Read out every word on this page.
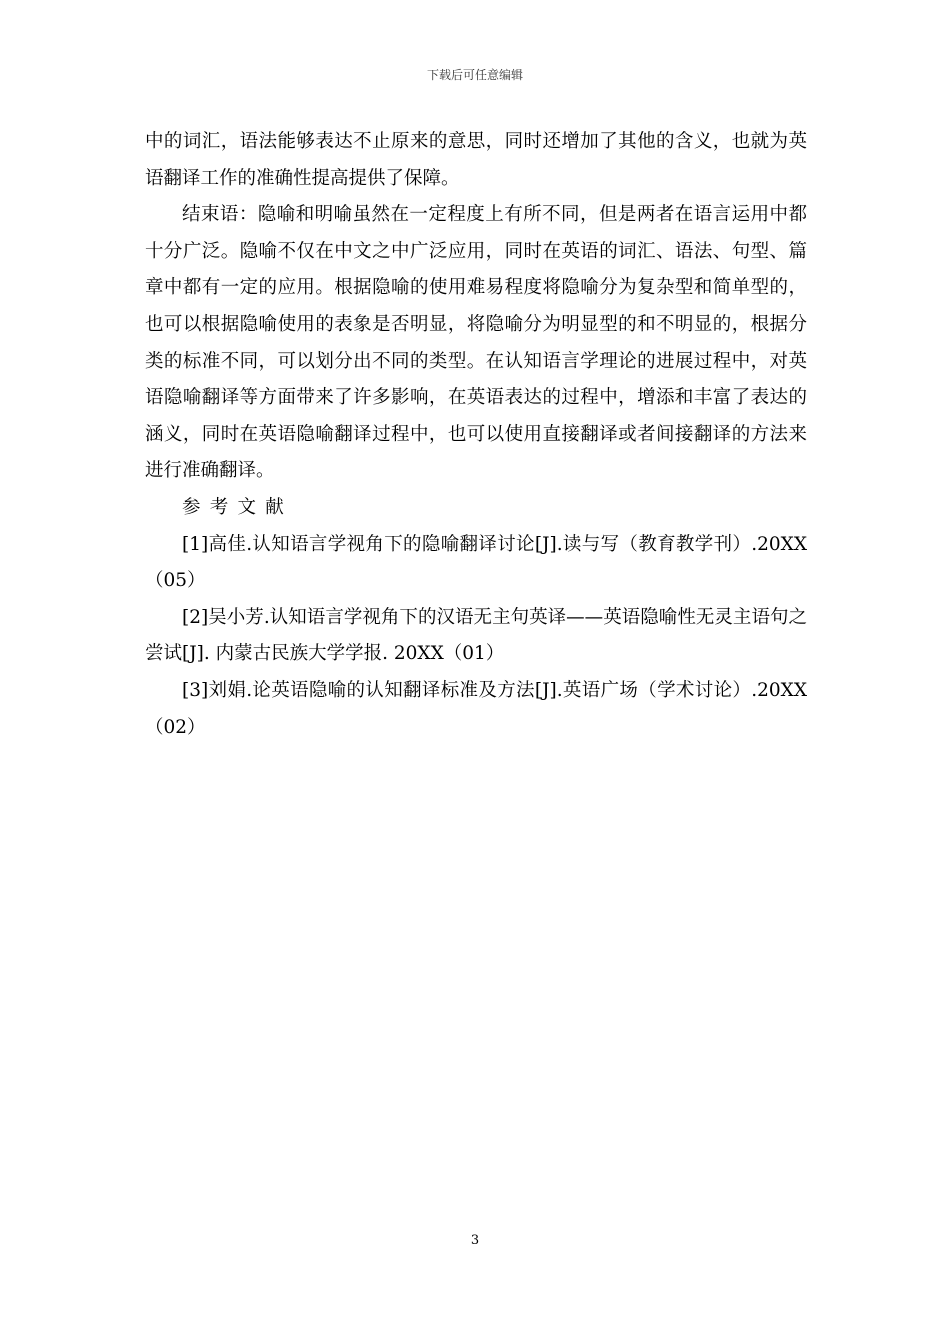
下载后可任意编辑

中的词汇，语法能够表达不止原来的意思，同时还增加了其他的含义，也就为英语翻译工作的准确性提高提供了保障。

结束语：隐喻和明喻虽然在一定程度上有所不同，但是两者在语言运用中都十分广泛。隐喻不仅在中文之中广泛应用，同时在英语的词汇、语法、句型、篇章中都有一定的应用。根据隐喻的使用难易程度将隐喻分为复杂型和简单型的，也可以根据隐喻使用的表象是否明显，将隐喻分为明显型的和不明显的，根据分类的标准不同，可以划分出不同的类型。在认知语言学理论的进展过程中，对英语隐喻翻译等方面带来了许多影响，在英语表达的过程中，增添和丰富了表达的涵义，同时在英语隐喻翻译过程中，也可以使用直接翻译或者间接翻译的方法来进行准确翻译。

参考文献

[1]高佳.认知语言学视角下的隐喻翻译讨论[J].读与写（教育教学刊）.20XX（05）

[2]吴小芳.认知语言学视角下的汉语无主句英译——英语隐喻性无灵主语句之尝试[J]. 内蒙古民族大学学报. 20XX（01）

[3]刘娟.论英语隐喻的认知翻译标准及方法[J].英语广场（学术讨论）.20XX（02）

3
